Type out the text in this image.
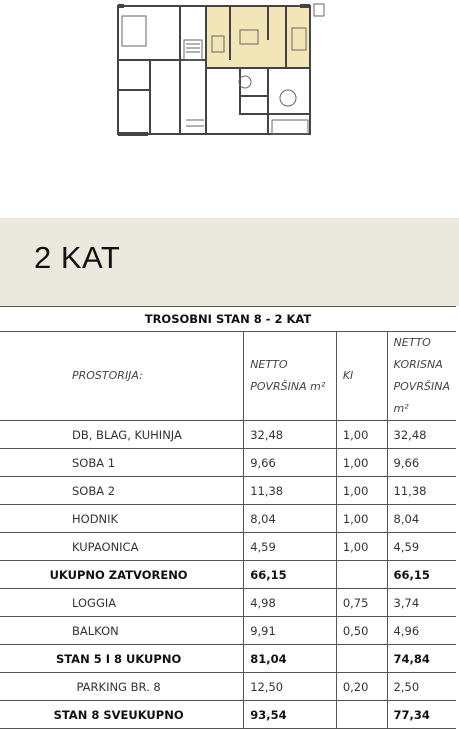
2 KAT
TROSOBNI STAN 8 - 2 KAT			
PROSTORIJA:	NETTO
POVRŠINA m²	KI	NETTO KORISNA
POVRŠINA m²
DB, BLAG, KUHINJA	32,48	1,00	32,48
SOBA 1	9,66	1,00	9,66
SOBA 2	11,38	1,00	11,38
HODNIK	8,04	1,00	8,04
KUPAONICA	4,59	1,00	4,59
UKUPNO ZATVORENO	66,15		66,15
LOGGIA	4,98	0,75	3,74
BALKON	9,91	0,50	4,96
STAN 5 I 8 UKUPNO	81,04		74,84
PARKING BR. 8	12,50	0,20	2,50
STAN 8 SVEUKUPNO	93,54		77,34
